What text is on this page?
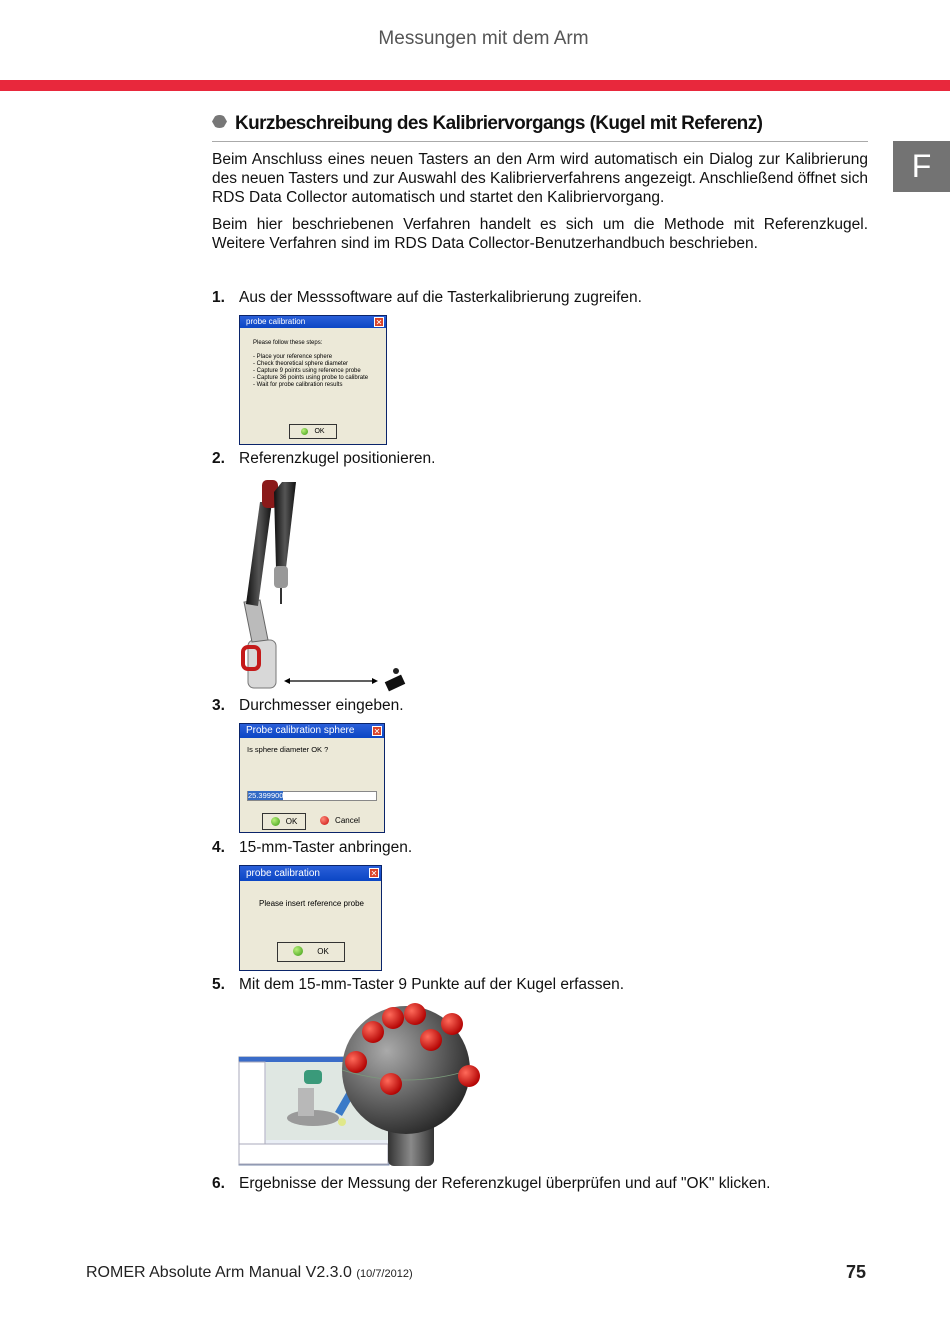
Messungen mit dem Arm
Kurzbeschreibung des Kalibriervorgangs (Kugel mit Referenz)
F
Beim Anschluss eines neuen Tasters an den Arm wird automatisch ein Dialog zur Kalibrierung des neuen Tasters und zur Auswahl des Kalibrierverfahrens angezeigt. Anschließend öffnet sich RDS Data Collector automatisch und startet den Kalibriervorgang.
Beim hier beschriebenen Verfahren handelt es sich um die Methode mit Referenzkugel. Weitere Verfahren sind im RDS Data Collector-Benutzerhandbuch beschrieben.
1. Aus der Messsoftware auf die Tasterkalibrierung zugreifen.
probe calibration	✕
Please follow these steps:
- Place your reference sphere
- Check theoretical sphere diameter
- Capture 9 points using reference probe
- Capture 36 points using probe to calibrate
- Wait for probe calibration results
OK
2. Referenzkugel positionieren.
3. Durchmesser eingeben.
Probe calibration sphere ✕
Is sphere diameter OK ?
25.399900
OK	Cancel
4. 15-mm-Taster anbringen.
probe calibration	✕
Please insert reference probe
OK
5. Mit dem 15-mm-Taster 9 Punkte auf der Kugel erfassen.
6. Ergebnisse der Messung der Referenzkugel überprüfen und auf "OK" klicken.
ROMER Absolute Arm Manual V2.3.0 (10/7/2012)	75
